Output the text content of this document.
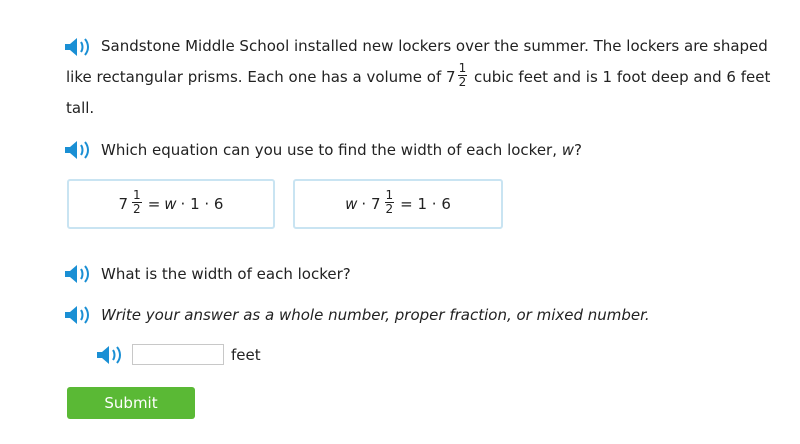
Sandstone Middle School installed new lockers over the summer. The lockers are shaped
like rectangular prisms. Each one has a volume of $7 \frac{1}{2}$ cubic feet and is 1 foot deep and 6 feet
tall.
Which equation can you use to find the width of each locker, w?
$7 \frac{1}{2} = w \cdot 1 \cdot 6$	$w \cdot 7 \frac{1}{2} = 1 \cdot 6$
What is the width of each locker?
Write your answer as a whole number, proper fraction, or mixed number.
feet
Submit
